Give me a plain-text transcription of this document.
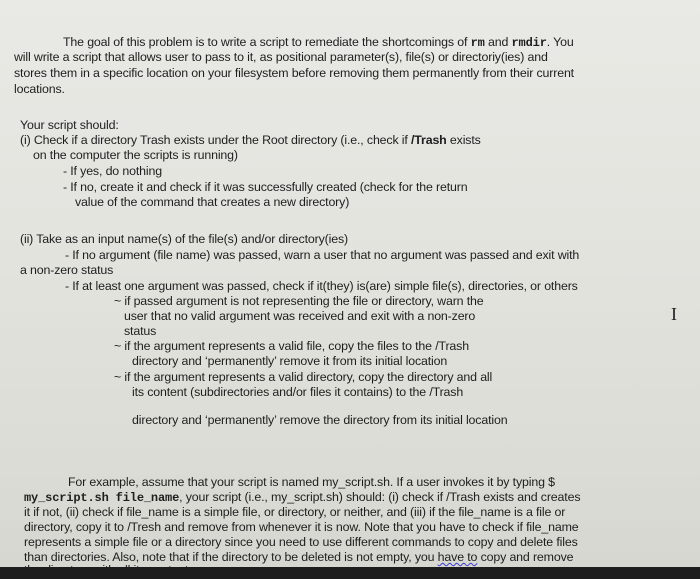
The goal of this problem is to write a script to remediate the shortcomings of rm and rmdir. You
will write a script that allows user to pass to it, as positional parameter(s), file(s) or directoriy(ies) and
stores them in a specific location on your filesystem before removing them permanently from their current
locations.
Your script should:
(i) Check if a directory Trash exists under the Root directory (i.e., check if /Trash exists
on the computer the scripts is running)
- If yes, do nothing
- If no, create it and check if it was successfully created (check for the return
value of the command that creates a new directory)
(ii) Take as an input name(s) of the file(s) and/or directory(ies)
- If no argument (file name) was passed, warn a user that no argument was passed and exit with
a non-zero status
- If at least one argument was passed, check if it(they) is(are) simple file(s), directories, or others
~ if passed argument is not representing the file or directory, warn the
user that no valid argument was received and exit with a non-zero
status
~ if the argument represents a valid file, copy the files to the /Trash
directory and ‘permanently’ remove it from its initial location
~ if the argument represents a valid directory, copy the directory and all
its content (subdirectories and/or files it contains) to the /Trash
directory and ‘permanently’ remove the directory from its initial location
For example, assume that your script is named my_script.sh. If a user invokes it by typing $
my_script.sh file_name, your script (i.e., my_script.sh) should: (i) check if /Trash exists and creates
it if not, (ii) check if file_name is a simple file, or directory, or neither, and (iii) if the file_name is a file or
directory, copy it to /Tresh and remove from whenever it is now. Note that you have to check if file_name
represents a simple file or a directory since you need to use different commands to copy and delete files
than directories. Also, note that if the directory to be deleted is not empty, you have to copy and remove
I
